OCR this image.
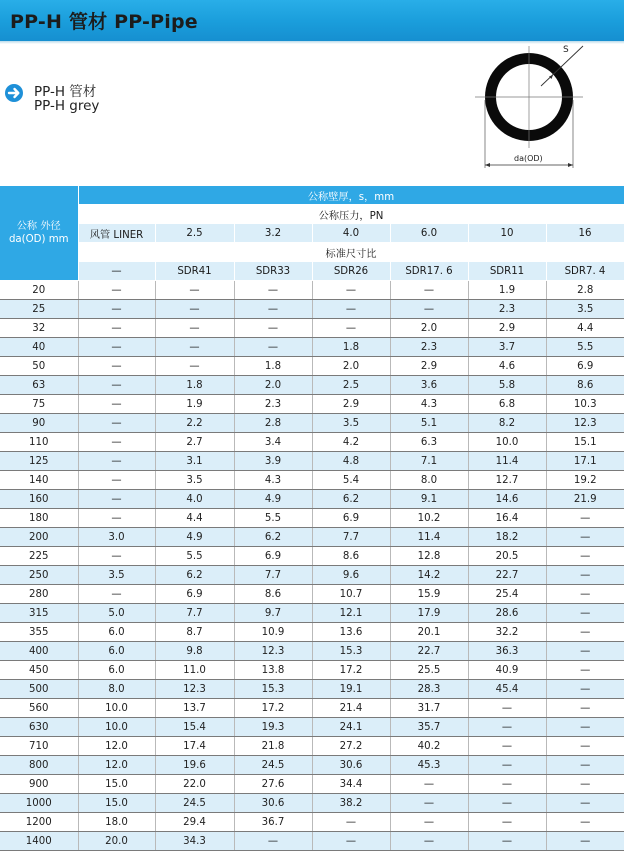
PP-H 管材 PP-Pipe
PP-H 管材
PP-H grey
S
da(OD)
公称 外径
da(OD) mm	公称壁厚，s，mm						
	公称压力，PN						
	风管 LINER	2.5	3.2	4.0	6.0	10	16
	标准尺寸比						
	—	SDR41	SDR33	SDR26	SDR17. 6	SDR11	SDR7. 4
20	—	—	—	—	—	1.9	2.8
25	—	—	—	—	—	2.3	3.5
32	—	—	—	—	2.0	2.9	4.4
40	—	—	—	1.8	2.3	3.7	5.5
50	—	—	1.8	2.0	2.9	4.6	6.9
63	—	1.8	2.0	2.5	3.6	5.8	8.6
75	—	1.9	2.3	2.9	4.3	6.8	10.3
90	—	2.2	2.8	3.5	5.1	8.2	12.3
110	—	2.7	3.4	4.2	6.3	10.0	15.1
125	—	3.1	3.9	4.8	7.1	11.4	17.1
140	—	3.5	4.3	5.4	8.0	12.7	19.2
160	—	4.0	4.9	6.2	9.1	14.6	21.9
180	—	4.4	5.5	6.9	10.2	16.4	—
200	3.0	4.9	6.2	7.7	11.4	18.2	—
225	—	5.5	6.9	8.6	12.8	20.5	—
250	3.5	6.2	7.7	9.6	14.2	22.7	—
280	—	6.9	8.6	10.7	15.9	25.4	—
315	5.0	7.7	9.7	12.1	17.9	28.6	—
355	6.0	8.7	10.9	13.6	20.1	32.2	—
400	6.0	9.8	12.3	15.3	22.7	36.3	—
450	6.0	11.0	13.8	17.2	25.5	40.9	—
500	8.0	12.3	15.3	19.1	28.3	45.4	—
560	10.0	13.7	17.2	21.4	31.7	—	—
630	10.0	15.4	19.3	24.1	35.7	—	—
710	12.0	17.4	21.8	27.2	40.2	—	—
800	12.0	19.6	24.5	30.6	45.3	—	—
900	15.0	22.0	27.6	34.4	—	—	—
1000	15.0	24.5	30.6	38.2	—	—	—
1200	18.0	29.4	36.7	—	—	—	—
1400	20.0	34.3	—	—	—	—	—
